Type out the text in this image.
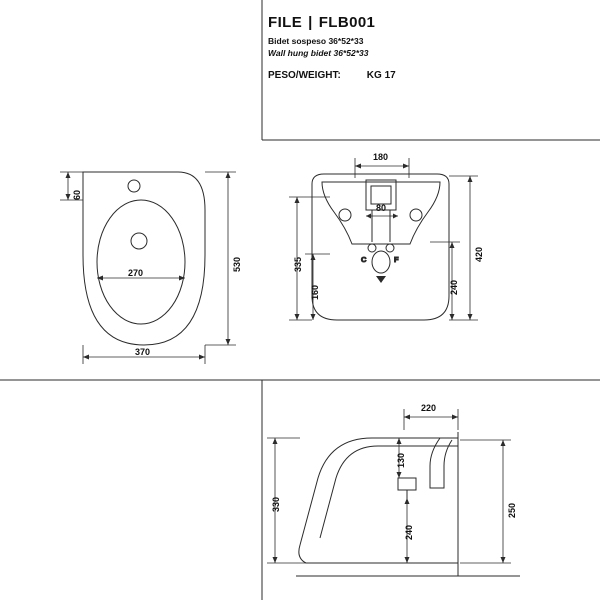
FILE | FLB001
Bidet sospeso 36*52*33
Wall hung bidet 36*52*33
PESO/WEIGHT:	KG 17
C	F
60
270
530
370
180
80
335
160
420
240
220
130
330
240
250
